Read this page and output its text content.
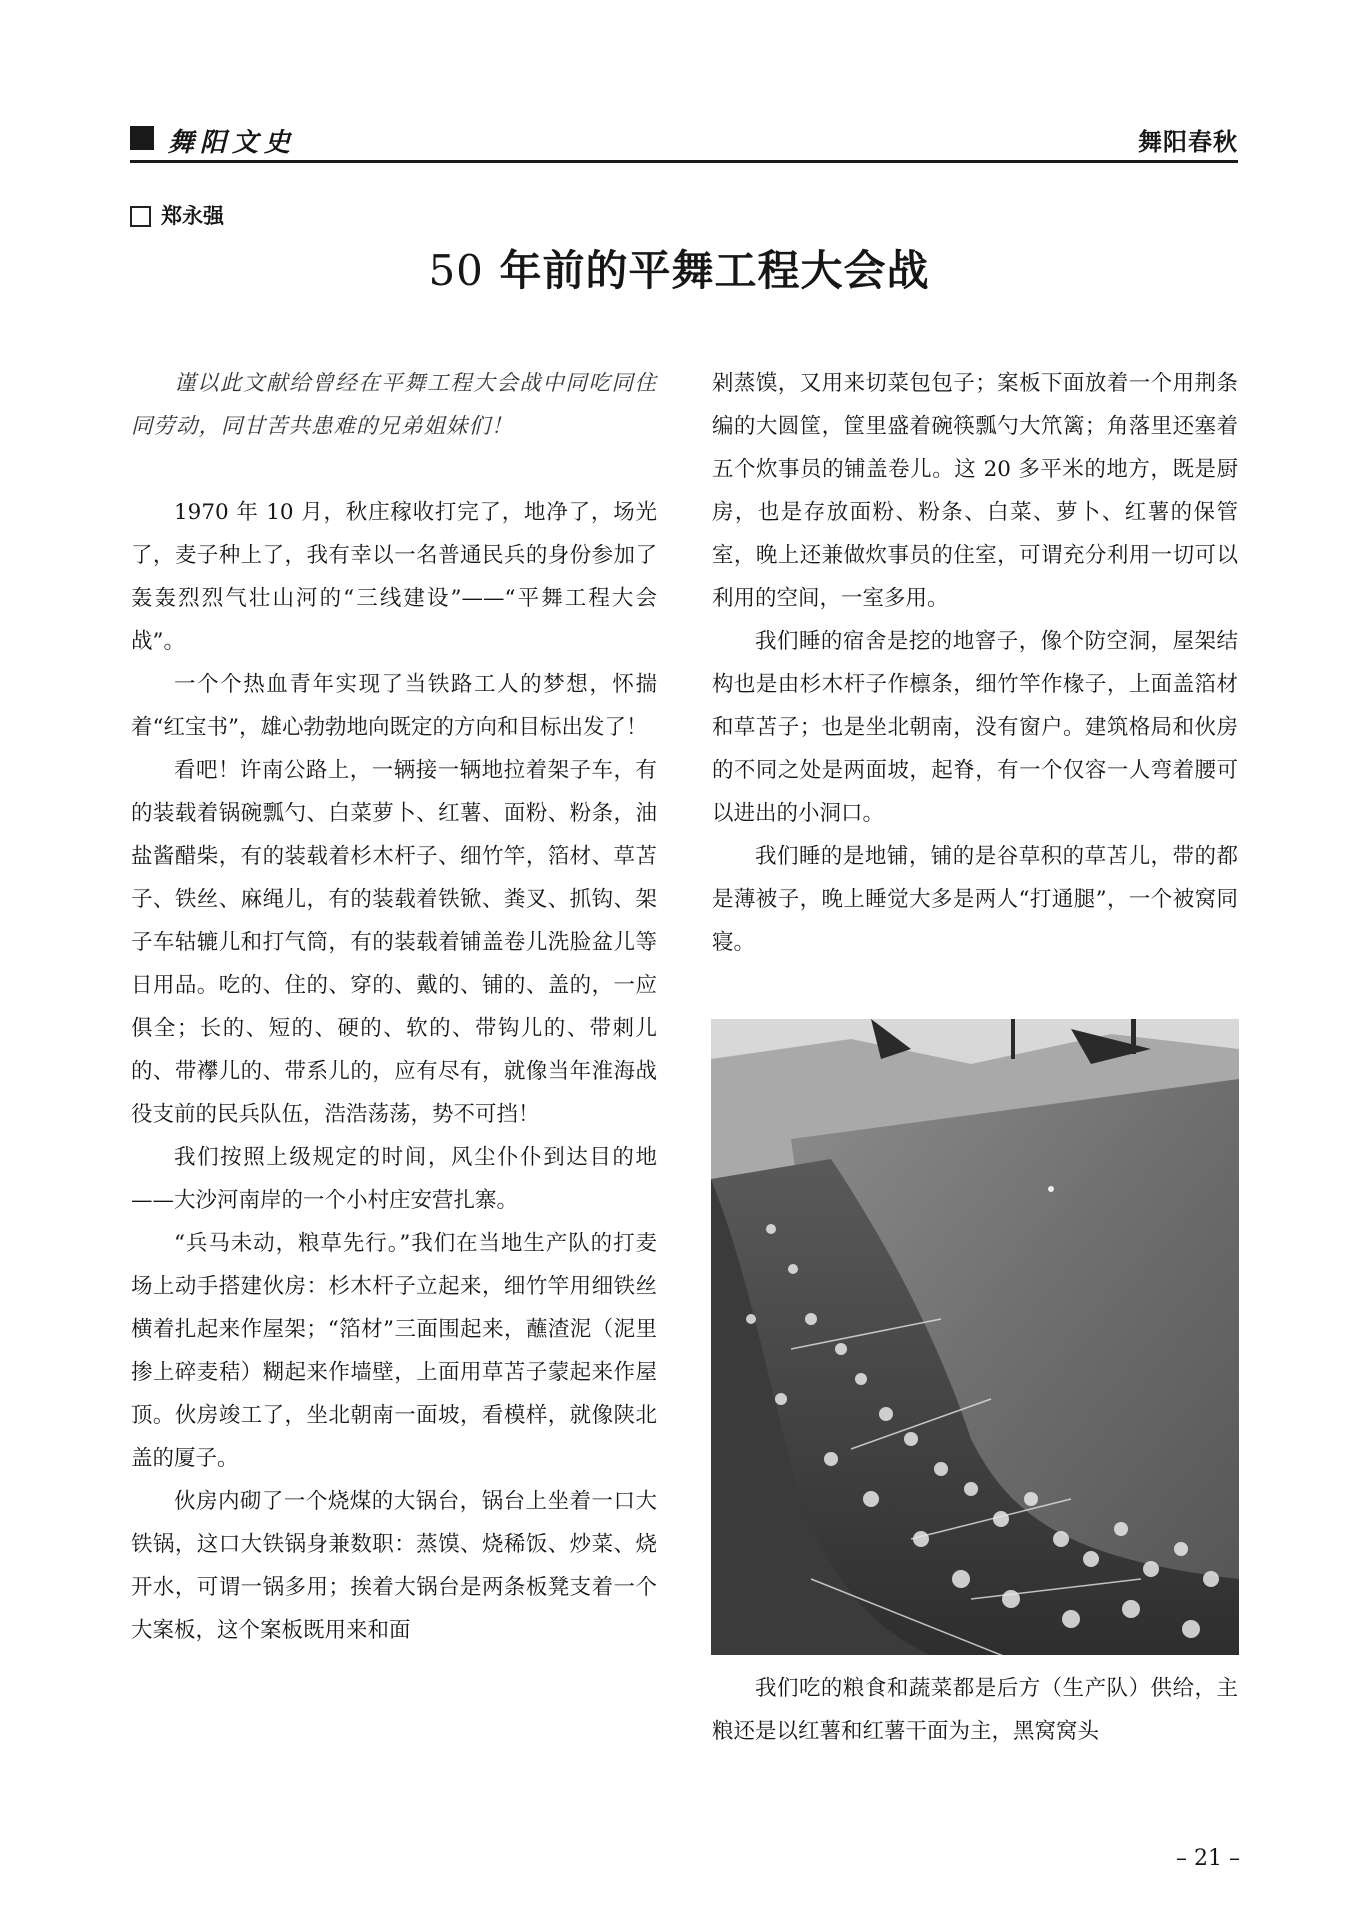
舞阳文史	舞阳春秋
郑永强
50 年前的平舞工程大会战

谨以此文献给曾经在平舞工程大会战中同吃同住同劳动，同甘苦共患难的兄弟姐妹们！

1970 年 10 月，秋庄稼收打完了，地净了，场光了，麦子种上了，我有幸以一名普通民兵的身份参加了轰轰烈烈气壮山河的“三线建设”——“平舞工程大会战”。

一个个热血青年实现了当铁路工人的梦想，怀揣着“红宝书”，雄心勃勃地向既定的方向和目标出发了！

看吧！许南公路上，一辆接一辆地拉着架子车，有的装载着锅碗瓢勺、白菜萝卜、红薯、面粉、粉条，油盐酱醋柴，有的装载着杉木杆子、细竹竿，箔材、草苫子、铁丝、麻绳儿，有的装载着铁锨、粪叉、抓钩、架子车轱辘儿和打气筒，有的装载着铺盖卷儿洗脸盆儿等日用品。吃的、住的、穿的、戴的、铺的、盖的，一应俱全；长的、短的、硬的、软的、带钩儿的、带刺儿的、带襻儿的、带系儿的，应有尽有，就像当年淮海战役支前的民兵队伍，浩浩荡荡，势不可挡！

我们按照上级规定的时间，风尘仆仆到达目的地——大沙河南岸的一个小村庄安营扎寨。

“兵马未动，粮草先行。”我们在当地生产队的打麦场上动手搭建伙房：杉木杆子立起来，细竹竿用细铁丝横着扎起来作屋架；“箔材”三面围起来，蘸渣泥（泥里掺上碎麦秸）糊起来作墙壁，上面用草苫子蒙起来作屋顶。伙房竣工了，坐北朝南一面坡，看模样，就像陕北盖的厦子。

伙房内砌了一个烧煤的大锅台，锅台上坐着一口大铁锅，这口大铁锅身兼数职：蒸馍、烧稀饭、炒菜、烧开水，可谓一锅多用；挨着大锅台是两条板凳支着一个大案板，这个案板既用来和面

剁蒸馍，又用来切菜包包子；案板下面放着一个用荆条编的大圆筐，筐里盛着碗筷瓢勺大笊篱；角落里还塞着五个炊事员的铺盖卷儿。这 20 多平米的地方，既是厨房，也是存放面粉、粉条、白菜、萝卜、红薯的保管室，晚上还兼做炊事员的住室，可谓充分利用一切可以利用的空间，一室多用。

我们睡的宿舍是挖的地窨子，像个防空洞，屋架结构也是由杉木杆子作檩条，细竹竿作椽子，上面盖箔材和草苫子；也是坐北朝南，没有窗户。建筑格局和伙房的不同之处是两面坡，起脊，有一个仅容一人弯着腰可以进出的小洞口。

我们睡的是地铺，铺的是谷草积的草苫儿，带的都是薄被子，晚上睡觉大多是两人“打通腿”，一个被窝同寝。

我们吃的粮食和蔬菜都是后方（生产队）供给，主粮还是以红薯和红薯干面为主，黑窝窝头

– 21 –
